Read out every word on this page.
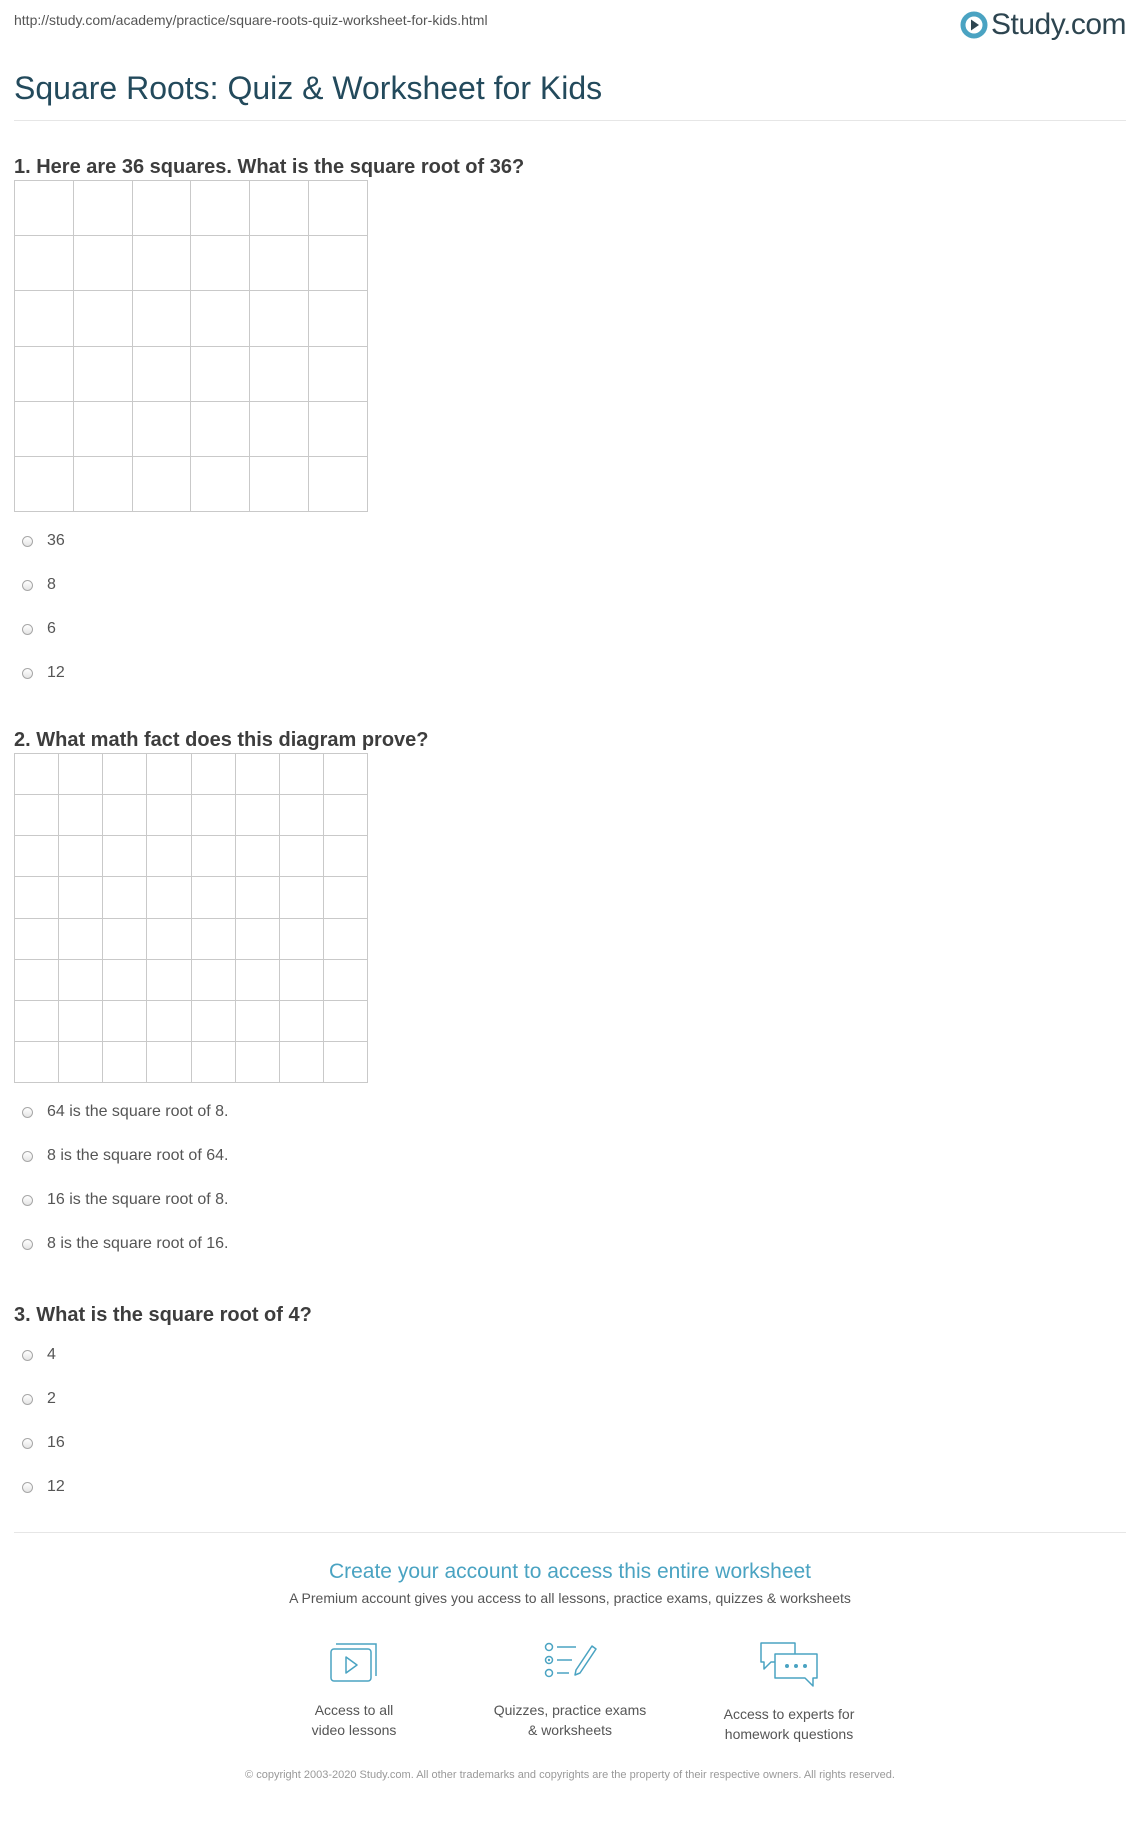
http://study.com/academy/practice/square-roots-quiz-worksheet-for-kids.html	Study.com
Square Roots: Quiz & Worksheet for Kids
1. Here are 36 squares. What is the square root of 36?
36
8
6
12
2. What math fact does this diagram prove?
64 is the square root of 8.
8 is the square root of 64.
16 is the square root of 8.
8 is the square root of 16.
3. What is the square root of 4?
4
2
16
12
Create your account to access this entire worksheet
A Premium account gives you access to all lessons, practice exams, quizzes & worksheets
Access to all
video lessons
Quizzes, practice exams
& worksheets
Access to experts for
homework questions
© copyright 2003-2020 Study.com. All other trademarks and copyrights are the property of their respective owners. All rights reserved.
